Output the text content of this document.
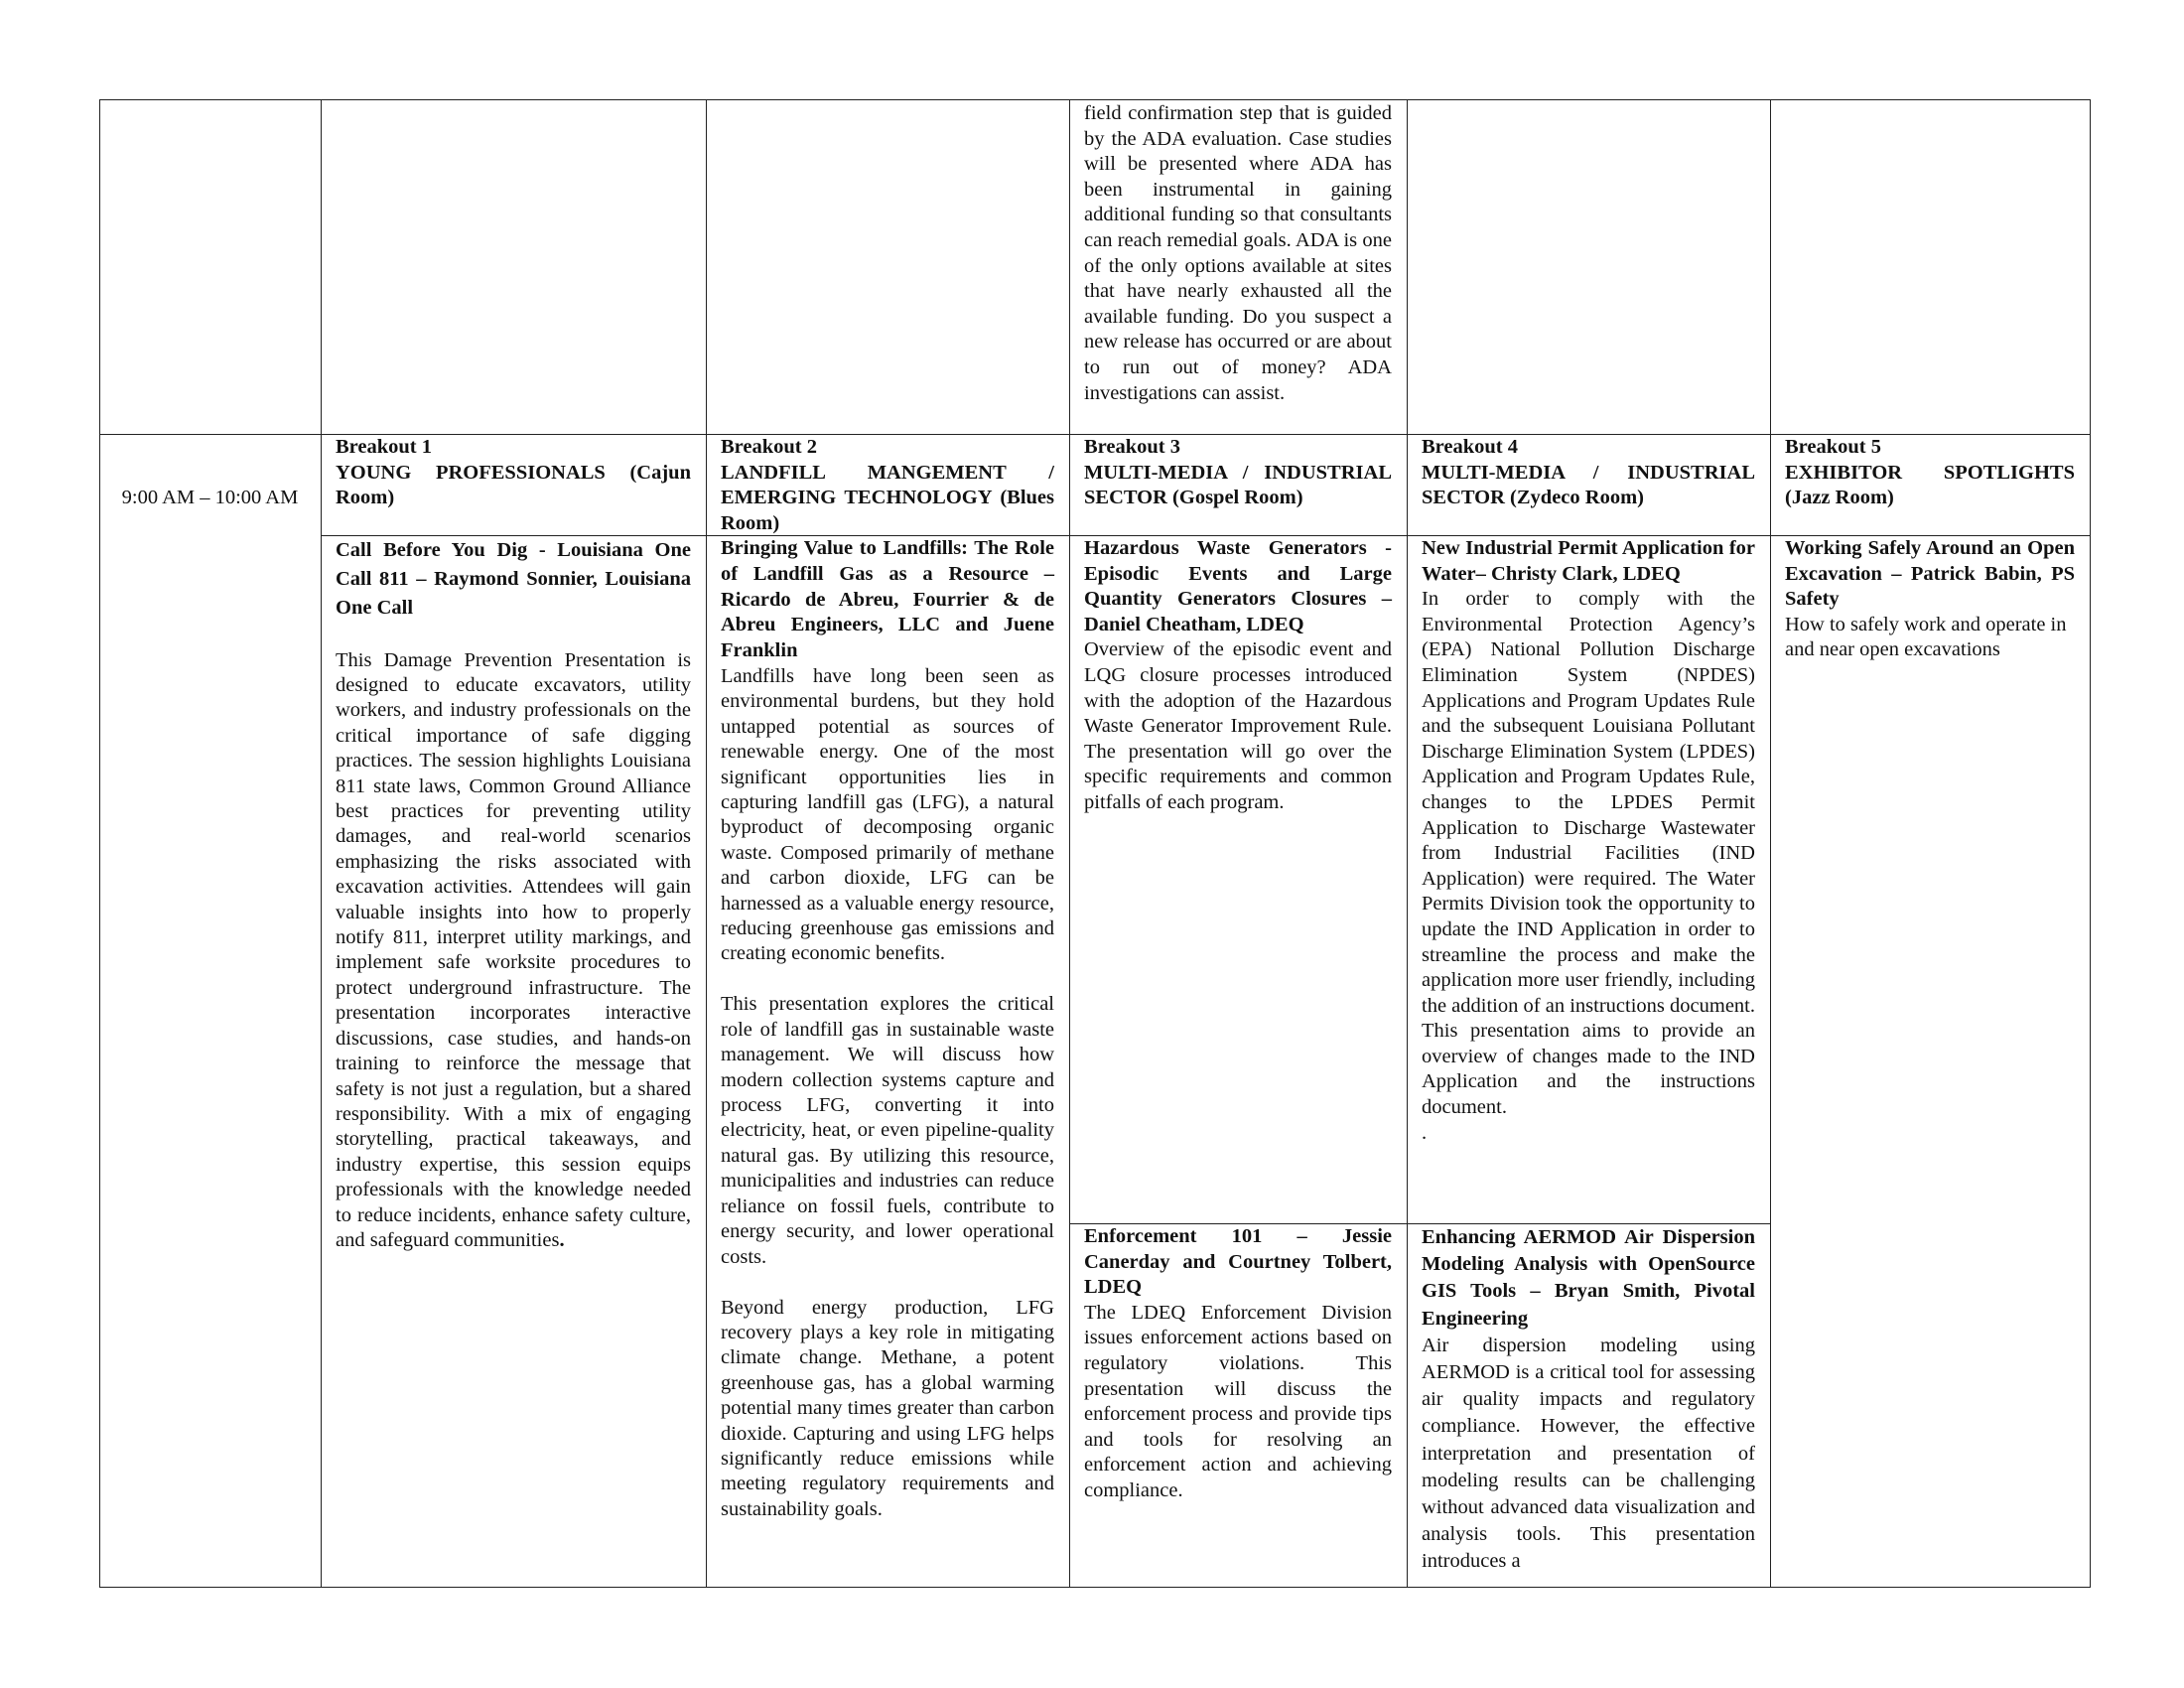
field confirmation step that is guided by the ADA evaluation. Case studies will be presented where ADA has been instrumental in gaining additional funding so that consultants can reach remedial goals. ADA is one of the only options available at sites that have nearly exhausted all the available funding. Do you suspect a new release has occurred or are about to run out of money? ADA investigations can assist.

9:00 AM – 10:00 AM

Breakout 1

YOUNG PROFESSIONALS (Cajun Room)

Breakout 2

LANDFILL MANGEMENT / EMERGING TECHNOLOGY (Blues Room)

Breakout 3

MULTI-MEDIA / INDUSTRIAL SECTOR (Gospel Room)

Breakout 4

MULTI-MEDIA / INDUSTRIAL SECTOR (Zydeco Room)

Breakout 5

EXHIBITOR SPOTLIGHTS (Jazz Room)

Call Before You Dig - Louisiana One Call 811 – Raymond Sonnier, Louisiana One Call

This Damage Prevention Presentation is designed to educate excavators, utility workers, and industry professionals on the critical importance of safe digging practices. The session highlights Louisiana 811 state laws, Common Ground Alliance best practices for preventing utility damages, and real-world scenarios emphasizing the risks associated with excavation activities. Attendees will gain valuable insights into how to properly notify 811, interpret utility markings, and implement safe worksite procedures to protect underground infrastructure. The presentation incorporates interactive discussions, case studies, and hands-on training to reinforce the message that safety is not just a regulation, but a shared responsibility. With a mix of engaging storytelling, practical takeaways, and industry expertise, this session equips professionals with the knowledge needed to reduce incidents, enhance safety culture, and safeguard communities.

Bringing Value to Landfills: The Role of Landfill Gas as a Resource – Ricardo de Abreu, Fourrier & de Abreu Engineers, LLC and Juene Franklin

Landfills have long been seen as environmental burdens, but they hold untapped potential as sources of renewable energy. One of the most significant opportunities lies in capturing landfill gas (LFG), a natural byproduct of decomposing organic waste. Composed primarily of methane and carbon dioxide, LFG can be harnessed as a valuable energy resource, reducing greenhouse gas emissions and creating economic benefits.

This presentation explores the critical role of landfill gas in sustainable waste management. We will discuss how modern collection systems capture and process LFG, converting it into electricity, heat, or even pipeline-quality natural gas. By utilizing this resource, municipalities and industries can reduce reliance on fossil fuels, contribute to energy security, and lower operational costs.

Beyond energy production, LFG recovery plays a key role in mitigating climate change. Methane, a potent greenhouse gas, has a global warming potential many times greater than carbon dioxide. Capturing and using LFG helps significantly reduce emissions while meeting regulatory requirements and sustainability goals.

Hazardous Waste Generators - Episodic Events and Large Quantity Generators Closures – Daniel Cheatham, LDEQ

Overview of the episodic event and LQG closure processes introduced with the adoption of the Hazardous Waste Generator Improvement Rule. The presentation will go over the specific requirements and common pitfalls of each program.

Enforcement 101 – Jessie Canerday and Courtney Tolbert, LDEQ

The LDEQ Enforcement Division issues enforcement actions based on regulatory violations. This presentation will discuss the enforcement process and provide tips and tools for resolving an enforcement action and achieving compliance.

New Industrial Permit Application for Water– Christy Clark, LDEQ

In order to comply with the Environmental Protection Agency’s (EPA) National Pollution Discharge Elimination System (NPDES) Applications and Program Updates Rule and the subsequent Louisiana Pollutant Discharge Elimination System (LPDES) Application and Program Updates Rule, changes to the LPDES Permit Application to Discharge Wastewater from Industrial Facilities (IND Application) were required. The Water Permits Division took the opportunity to update the IND Application in order to streamline the process and make the application more user friendly, including the addition of an instructions document. This presentation aims to provide an overview of changes made to the IND Application and the instructions document.

.

Enhancing AERMOD Air Dispersion Modeling Analysis with OpenSource GIS Tools – Bryan Smith, Pivotal Engineering

Air dispersion modeling using AERMOD is a critical tool for assessing air quality impacts and regulatory compliance. However, the effective interpretation and presentation of modeling results can be challenging without advanced data visualization and analysis tools. This presentation introduces a

Working Safely Around an Open Excavation – Patrick Babin, PS Safety

How to safely work and operate in and near open excavations
